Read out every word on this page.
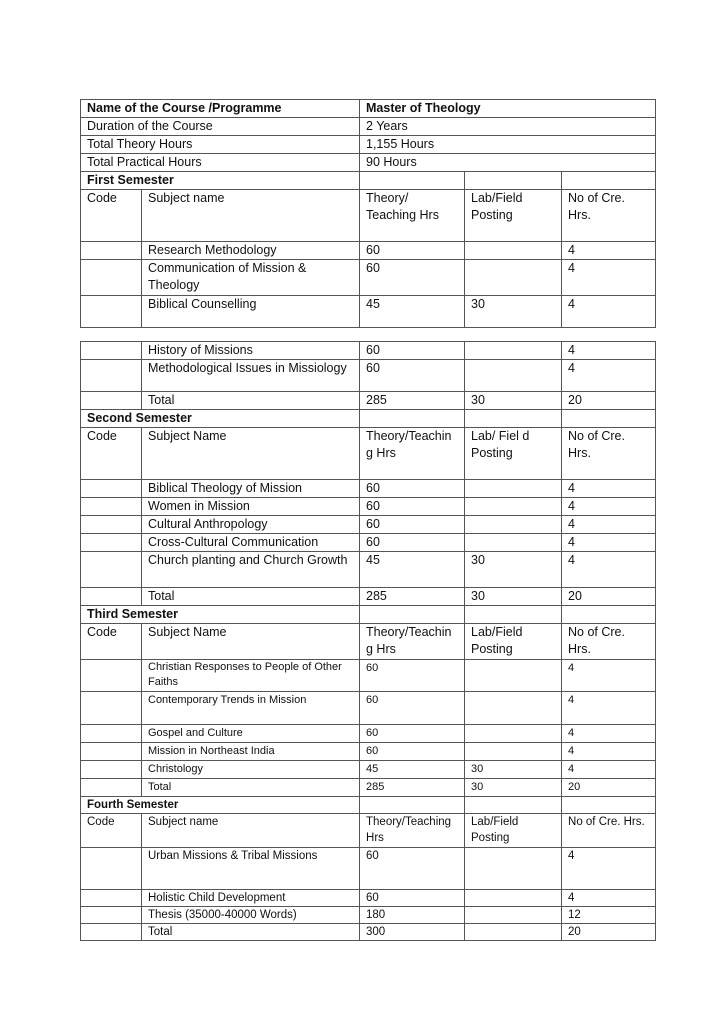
Name of the Course /Programme		Master of Theology		
Duration of the Course		2 Years		
Total Theory Hours		1,155 Hours		
Total Practical Hours		90 Hours		
First Semester				
Code	Subject name	Theory/ Teaching Hrs	Lab/Field Posting	No of Cre. Hrs.
	Research Methodology	60		4
	Communication of Mission & Theology	60		4
	Biblical Counselling	45	30	4
	History of Missions	60		4
	Methodological Issues in Missiology	60		4
	Total	285	30	20
Second Semester				
Code	Subject Name	Theory/Teachin g Hrs	Lab/ Fiel d Posting	No of Cre. Hrs.
	Biblical Theology of Mission	60		4
	Women in Mission	60		4
	Cultural Anthropology	60		4
	Cross-Cultural Communication	60		4
	Church planting and Church Growth	45	30	4
	Total	285	30	20
Third Semester				
Code	Subject Name	Theory/Teachin g Hrs	Lab/Field Posting	No of Cre. Hrs.
	Christian Responses to People of Other Faiths	60		4
	Contemporary Trends in Mission	60		4
	Gospel and Culture	60		4
	Mission in Northeast India	60		4
	Christology	45	30	4
	Total	285	30	20
Fourth Semester				
Code	Subject name	Theory/Teaching Hrs	Lab/Field Posting	No of Cre. Hrs.
	Urban Missions & Tribal Missions	60		4
	Holistic Child Development	60		4
	Thesis (35000-40000 Words)	180		12
	Total	300		20
